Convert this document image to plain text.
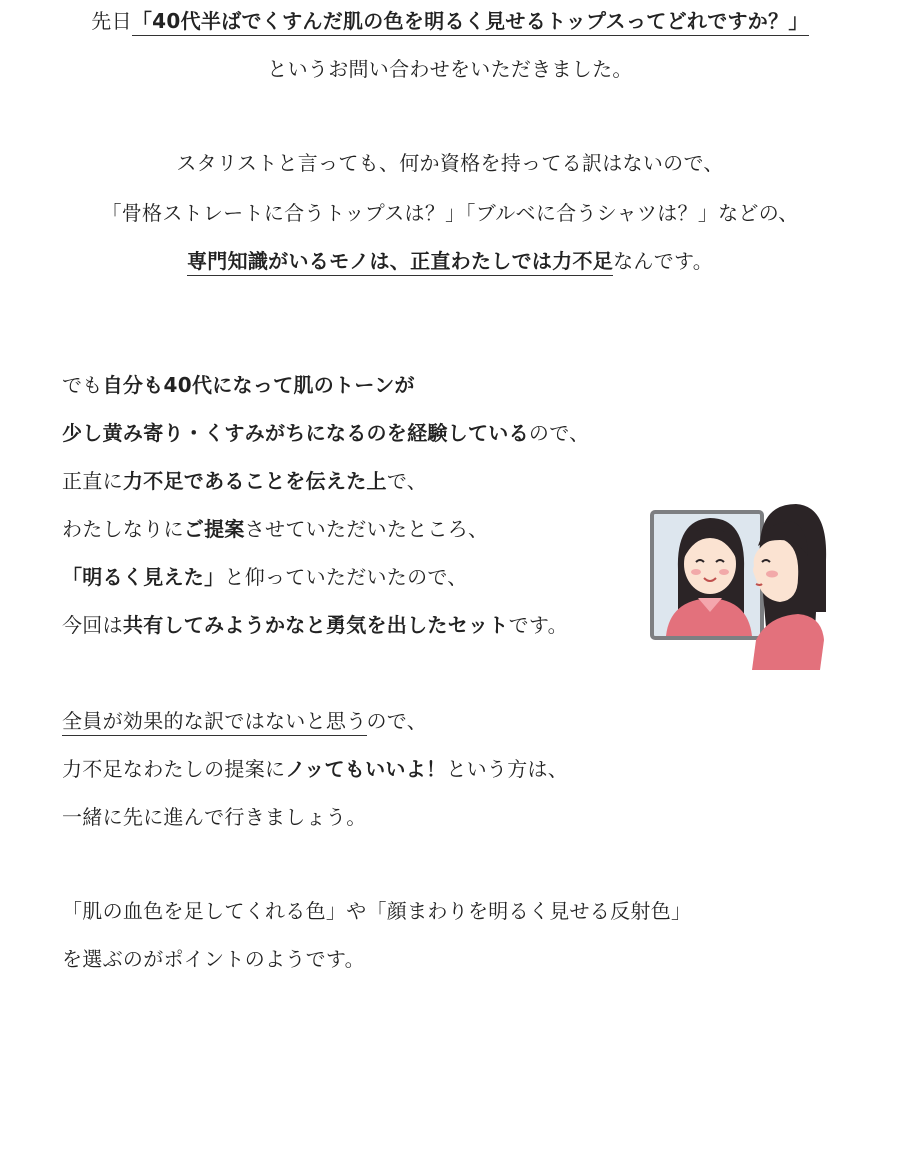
先日「40代半ばでくすんだ肌の色を明るく見せるトップスってどれですか？」
というお問い合わせをいただきました。
スタリストと言っても、何か資格を持ってる訳はないので、
「骨格ストレートに合うトップスは？」「ブルベに合うシャツは？」などの、
専門知識がいるモノは、正直わたしでは力不足なんです。
でも自分も40代になって肌のトーンが
少し黄み寄り・くすみがちになるのを経験しているので、
正直に力不足であることを伝えた上で、
わたしなりにご提案させていただいたところ、
「明るく見えた」と仰っていただいたので、
今回は共有してみようかなと勇気を出したセットです。
全員が効果的な訳ではないと思うので、
力不足なわたしの提案にノッてもいいよ！という方は、
一緒に先に進んで行きましょう。
「肌の血色を足してくれる色」や「顔まわりを明るく見せる反射色」
を選ぶのがポイントのようです。
